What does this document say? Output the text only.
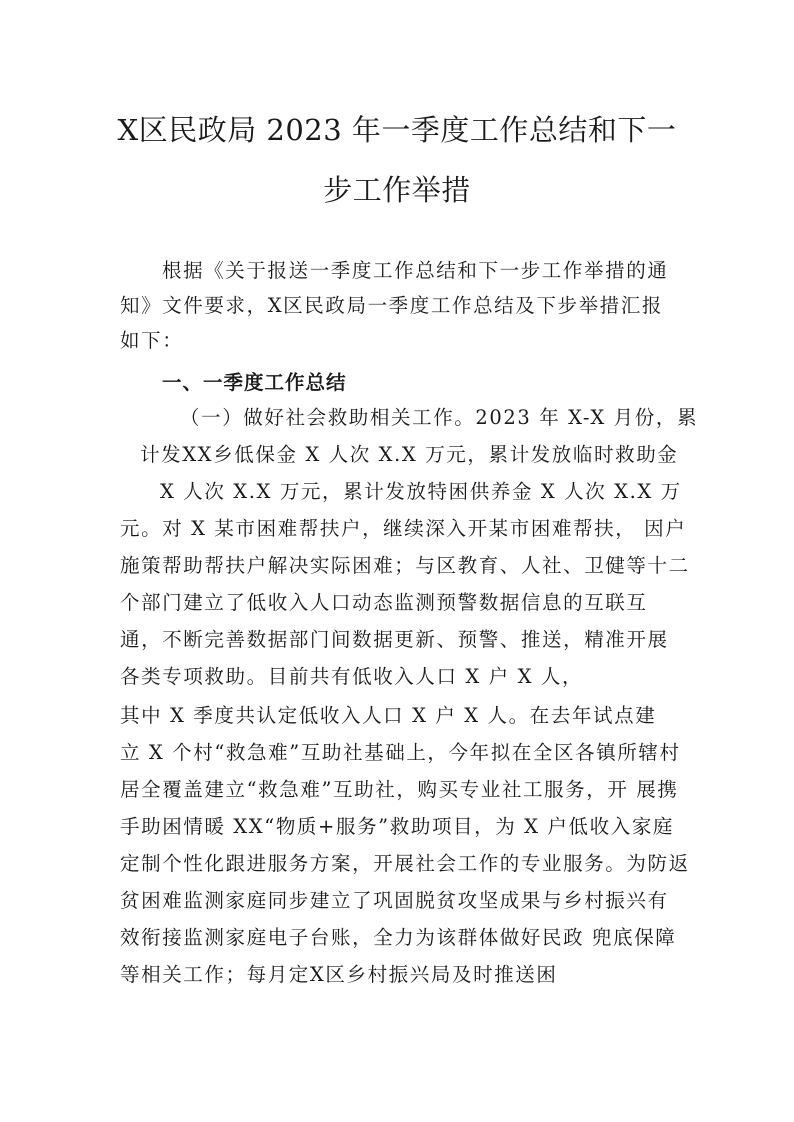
X区民政局 2023 年一季度工作总结和下一
步工作举措
根据《关于报送一季度工作总结和下一步工作举措的通
知》文件要求，X区民政局一季度工作总结及下步举措汇报
如下：
一、一季度工作总结
（一）做好社会救助相关工作。2023 年 X-X 月份，累
计发XX乡低保金 X 人次 X.X 万元，累计发放临时救助金
X 人次 X.X 万元，累计发放特困供养金 X 人次 X.X 万
元。对 X 某市困难帮扶户，继续深入开某市困难帮扶， 因户
施策帮助帮扶户解决实际困难；与区教育、人社、卫健等十二
个部门建立了低收入人口动态监测预警数据信息的互联互
通，不断完善数据部门间数据更新、预警、推送，精准开展
各类专项救助。目前共有低收入人口 X 户 X 人，
其中 X 季度共认定低收入人口 X 户 X 人。在去年试点建
立 X 个村“救急难”互助社基础上，今年拟在全区各镇所辖村
居全覆盖建立“救急难”互助社，购买专业社工服务，开 展携
手助困情暖 XX“物质+服务”救助项目，为 X 户低收入家庭
定制个性化跟进服务方案，开展社会工作的专业服务。为防返
贫困难监测家庭同步建立了巩固脱贫攻坚成果与乡村振兴有
效衔接监测家庭电子台账，全力为该群体做好民政 兜底保障
等相关工作；每月定X区乡村振兴局及时推送困
